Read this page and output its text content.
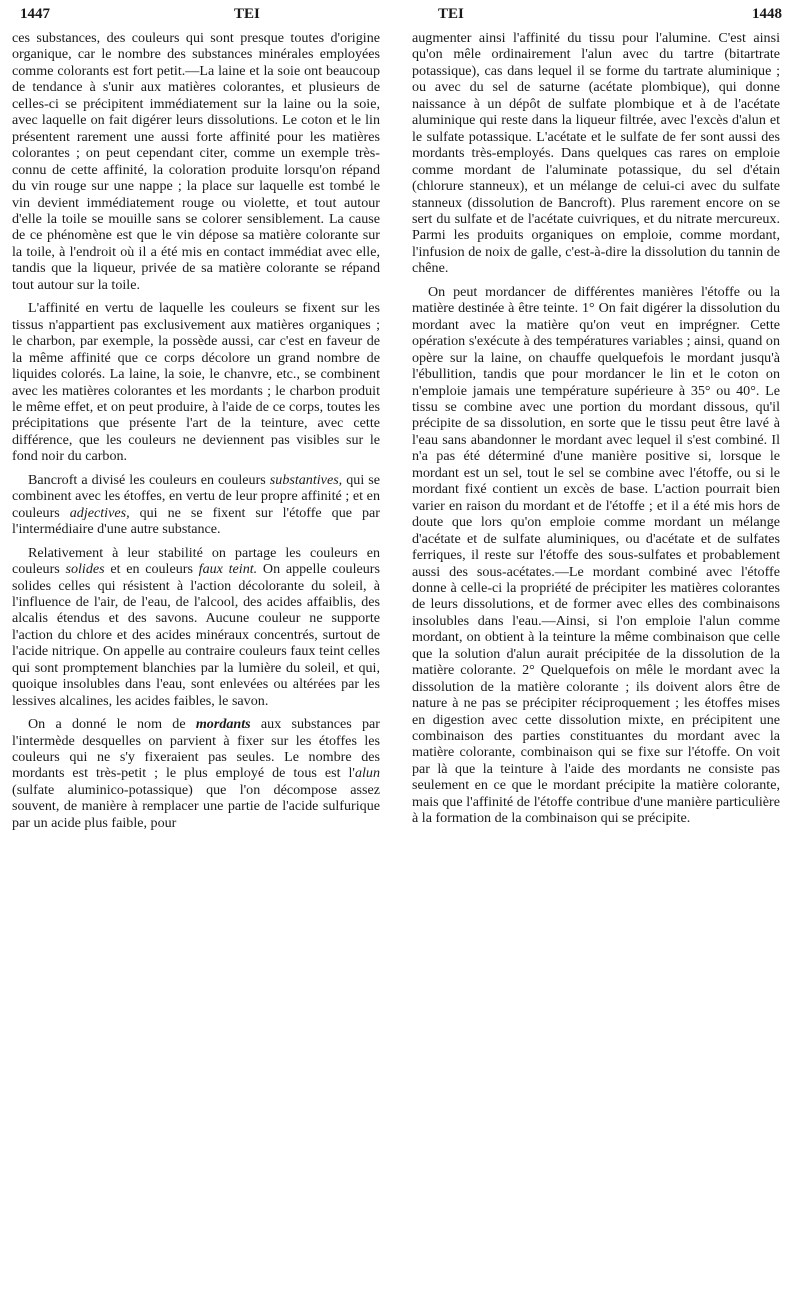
1447	TEI	TEI	1448

ces substances, des couleurs qui sont presque toutes d'origine organique, car le nombre des substances minérales employées comme colorants est fort petit.—La laine et la soie ont beaucoup de tendance à s'unir aux matières colorantes, et plusieurs de celles-ci se précipitent immédiatement sur la laine ou la soie, avec laquelle on fait digérer leurs dissolutions. Le coton et le lin présentent rarement une aussi forte affinité pour les matières colorantes ; on peut cependant citer, comme un exemple très-connu de cette affinité, la coloration produite lorsqu'on répand du vin rouge sur une nappe ; la place sur laquelle est tombé le vin devient immédiatement rouge ou violette, et tout autour d'elle la toile se mouille sans se colorer sensiblement. La cause de ce phénomène est que le vin dépose sa matière colorante sur la toile, à l'endroit où il a été mis en contact immédiat avec elle, tandis que la liqueur, privée de sa matière colorante se répand tout autour sur la toile.

L'affinité en vertu de laquelle les couleurs se fixent sur les tissus n'appartient pas exclusivement aux matières organiques ; le charbon, par exemple, la possède aussi, car c'est en faveur de la même affinité que ce corps décolore un grand nombre de liquides colorés. La laine, la soie, le chanvre, etc., se combinent avec les matières colorantes et les mordants ; le charbon produit le même effet, et on peut produire, à l'aide de ce corps, toutes les précipitations que présente l'art de la teinture, avec cette différence, que les couleurs ne deviennent pas visibles sur le fond noir du carbon.

Bancroft a divisé les couleurs en couleurs substantives, qui se combinent avec les étoffes, en vertu de leur propre affinité ; et en couleurs adjectives, qui ne se fixent sur l'étoffe que par l'intermédiaire d'une autre substance.

Relativement à leur stabilité on partage les couleurs en couleurs solides et en couleurs faux teint. On appelle couleurs solides celles qui résistent à l'action décolorante du soleil, à l'influence de l'air, de l'eau, de l'alcool, des acides affaiblis, des alcalis étendus et des savons. Aucune couleur ne supporte l'action du chlore et des acides minéraux concentrés, surtout de l'acide nitrique. On appelle au contraire couleurs faux teint celles qui sont promptement blanchies par la lumière du soleil, et qui, quoique insolubles dans l'eau, sont enlevées ou altérées par les lessives alcalines, les acides faibles, le savon.

On a donné le nom de mordants aux substances par l'intermède desquelles on parvient à fixer sur les étoffes les couleurs qui ne s'y fixeraient pas seules. Le nombre des mordants est très-petit ; le plus employé de tous est l'alun (sulfate aluminico-potassique) que l'on décompose assez souvent, de manière à remplacer une partie de l'acide sulfurique par un acide plus faible, pour

augmenter ainsi l'affinité du tissu pour l'alumine. C'est ainsi qu'on mêle ordinairement l'alun avec du tartre (bitartrate potassique), cas dans lequel il se forme du tartrate aluminique ; ou avec du sel de saturne (acétate plombique), qui donne naissance à un dépôt de sulfate plombique et à de l'acétate aluminique qui reste dans la liqueur filtrée, avec l'excès d'alun et le sulfate potassique. L'acétate et le sulfate de fer sont aussi des mordants très-employés. Dans quelques cas rares on emploie comme mordant de l'aluminate potassique, du sel d'étain (chlorure stanneux), et un mélange de celui-ci avec du sulfate stanneux (dissolution de Bancroft). Plus rarement encore on se sert du sulfate et de l'acétate cuivriques, et du nitrate mercureux. Parmi les produits organiques on emploie, comme mordant, l'infusion de noix de galle, c'est-à-dire la dissolution du tannin de chêne.

On peut mordancer de différentes manières l'étoffe ou la matière destinée à être teinte. 1° On fait digérer la dissolution du mordant avec la matière qu'on veut en imprégner. Cette opération s'exécute à des températures variables ; ainsi, quand on opère sur la laine, on chauffe quelquefois le mordant jusqu'à l'ébullition, tandis que pour mordancer le lin et le coton on n'emploie jamais une température supérieure à 35° ou 40°. Le tissu se combine avec une portion du mordant dissous, qu'il précipite de sa dissolution, en sorte que le tissu peut être lavé à l'eau sans abandonner le mordant avec lequel il s'est combiné. Il n'a pas été déterminé d'une manière positive si, lorsque le mordant est un sel, tout le sel se combine avec l'étoffe, ou si le mordant fixé contient un excès de base. L'action pourrait bien varier en raison du mordant et de l'étoffe ; et il a été mis hors de doute que lors qu'on emploie comme mordant un mélange d'acétate et de sulfate aluminiques, ou d'acétate et de sulfates ferriques, il reste sur l'étoffe des sous-sulfates et probablement aussi des sous-acétates.—Le mordant combiné avec l'étoffe donne à celle-ci la propriété de précipiter les matières colorantes de leurs dissolutions, et de former avec elles des combinaisons insolubles dans l'eau.—Ainsi, si l'on emploie l'alun comme mordant, on obtient à la teinture la même combinaison que celle que la solution d'alun aurait précipitée de la dissolution de la matière colorante. 2° Quelquefois on mêle le mordant avec la dissolution de la matière colorante ; ils doivent alors être de nature à ne pas se précipiter réciproquement ; les étoffes mises en digestion avec cette dissolution mixte, en précipitent une combinaison des parties constituantes du mordant avec la matière colorante, combinaison qui se fixe sur l'étoffe. On voit par là que la teinture à l'aide des mordants ne consiste pas seulement en ce que le mordant précipite la matière colorante, mais que l'affinité de l'étoffe contribue d'une manière particulière à la formation de la combinaison qui se précipite.
